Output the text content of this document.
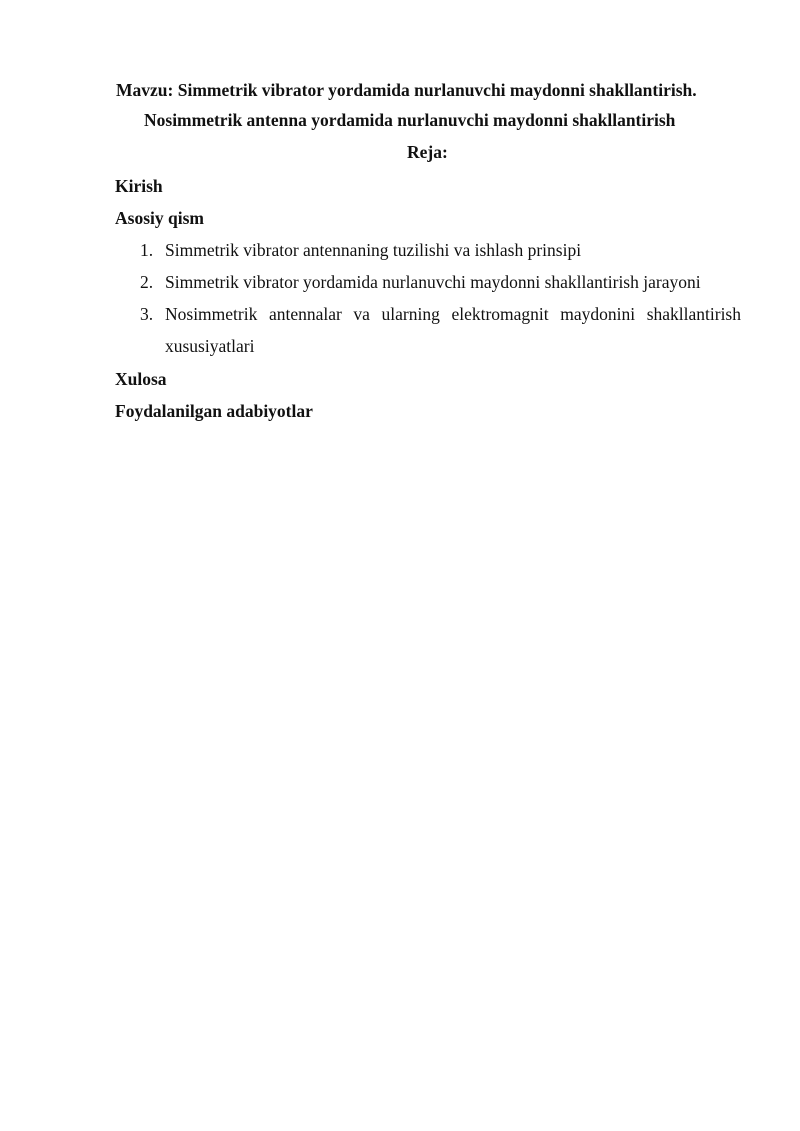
Mavzu: Simmetrik vibrator yordamida nurlanuvchi maydonni shakllantirish.
Nosimmetrik antenna yordamida nurlanuvchi maydonni shakllantirish
Reja:
Kirish
Asosiy qism
1. Simmetrik vibrator antennaning tuzilishi va ishlash prinsipi
2. Simmetrik vibrator yordamida nurlanuvchi maydonni shakllantirish jarayoni
3. Nosimmetrik antennalar va ularning elektromagnit maydonini shakllantirish
xususiyatlari
Xulosa
Foydalanilgan adabiyotlar
